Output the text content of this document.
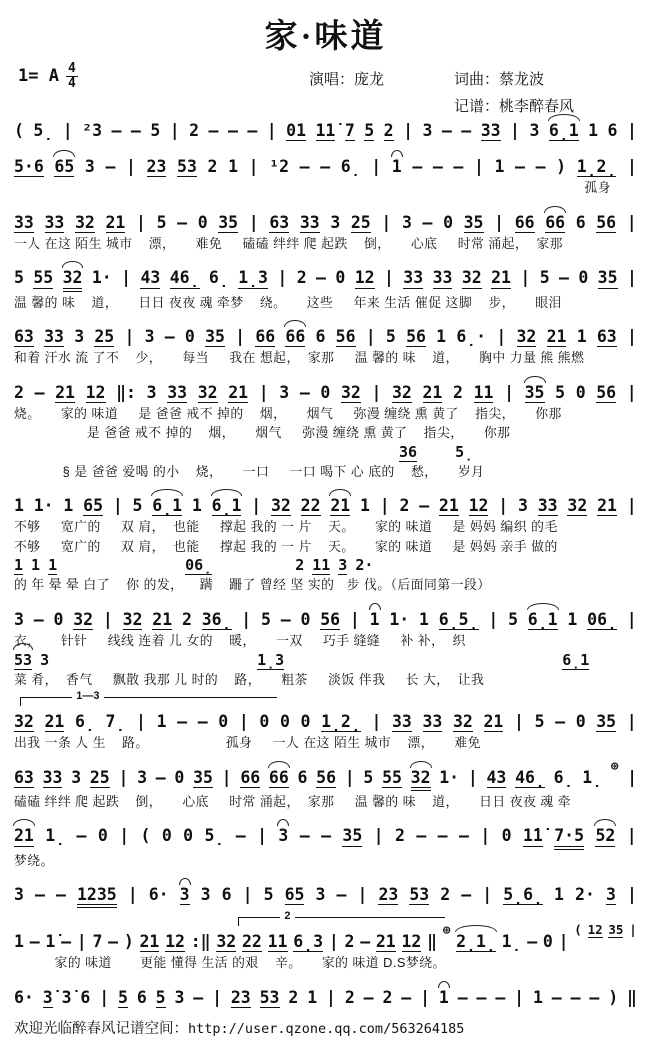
家·味道
1= A $\frac{4}{4}$	演唱：庞龙	词曲：蔡龙波
记谱：桃李醉春风
( 5̣ | ²3 – – 5 | 2 – – – | 01 11̇ 7 5 2 | 3 – – 33 | 3 6̣1 1 6 |
5·6 65 3 – | 23 53 2 1 | ¹2 – – 6̣ | 1 – – – | 1 – – ) 1̣2̣ |
孤身
33 33 32 21 | 5 – 0 35 | 63 33 3 25 | 3 – 0 35 | 66 66 6 56 |
一人 在这 陌生 城市    漂，     难免     磕磕 绊绊 爬 起跌    倒，     心底     时常 涌起，  家那
5 55 32 1· | 43 46̣ 6̣ 1̣3 | 2 – 0 12 | 33 33 32 21 | 5 – 0 35 |
温 馨的 味    道，     日日 夜夜 魂 牵梦    绕。     这些     年来 生活 催促 这脚    步，     眼泪
63 33 3 25 | 3 – 0 35 | 66 66 6 56 | 5 56 1 6̣· | 32 21 1 63 |
和着 汗水 流 了不    少，     每当     我在 想起，  家那     温 馨的 味    道，     胸中 力量 熊 熊燃
2 – 21 12 ‖: 3 33 32 21 | 3 – 0 32 | 32 21 2 11 | 35 5 0 56 |
烧。     家的 味道     是 爸爸 戒不 掉的    烟，     烟气     弥漫 缠绕 熏 黄了    指尖，     你那
是 爸爸 戒不 掉的    烟，     烟气     弥漫 缠绕 熏 黄了    指尖，     你那
36	5̣
§ 是 爸爸 爱喝 的小    烧，     一口     一口 喝下 心 底的    愁，     岁月
1 1· 1 65 | 5 6̣1 1 6̣1 | 32 22 21 1 | 2 – 21 12 | 3 33 32 21 |
不够     宽广的     双 肩，  也能     撑起 我的 一 片    天。     家的 味道     是 妈妈 编织 的毛
不够     宽广的     双 肩，  也能     撑起 我的 一 片    天。     家的 味道     是 妈妈 亲手 做的
1 1 1	06̣	2 11 3 2·
的 年 晕 晕 白了    你 的发，    蹒    跚了 曾经 坚 实的   步 伐。（后面同第一段）
3 – 0 32 | 32 21 2 36̣ | 5 – 0 56 | 1 1· 1 6̣5̣ | 5 6̣1 1 06̣ |
衣，     针针     线线 连着 儿 女的    暖，     一双     巧手 缝缝     补 补，  织
53 3	1̣3	6̣1
菜 肴，  香气     飘散 我那 儿 时的    路，     粗茶     淡饭 伴我     长 大，  让我
1—3
32 21 6̣ 7̣ | 1 – – 0 | 0 0 0 1̣2̣ | 33 33 32 21 | 5 – 0 35 |
出我 一条 人 生    路。                   孤身     一人 在这 陌生 城市    漂，     难免
63 33 3 25 | 3 – 0 35 | 66 66 6 56 | 5 55 32 1· | 43 46̣ 6̣ 1̣
⊕
|
磕磕 绊绊 爬 起跌    倒，     心底     时常 涌起，  家那     温 馨的 味    道，     日日 夜夜 魂 牵
21 1̣ – 0 | ( 0 0 5̣ – | 3 – – 35 | 2 – – – | 0 1̇1̇ 7·5 52 |
梦绕。
3 – – 1235 | 6· 3 3 6 | 5 65 3 – | 23 53 2 – | 5̣6̣ 1 2· 3 |
2
1 – 1̇ – | 7 – ) 21 12 :‖ 32 22 11 6̣3 | 2 – 21 12 ‖
⊕
2̣1̣ 1̣ – 0 |
( 12 35 |
家的 味道       更能 懂得 生活 的艰    辛。     家的 味道 D.S梦绕。
6· 3̇ 3̇ 6 | 5 6 5 3 – | 23 53 2 1 | 2 – 2 – | 1 – – – | 1 – – – ) ‖
欢迎光临醉春风记谱空间：http://user.qzone.qq.com/563264185
